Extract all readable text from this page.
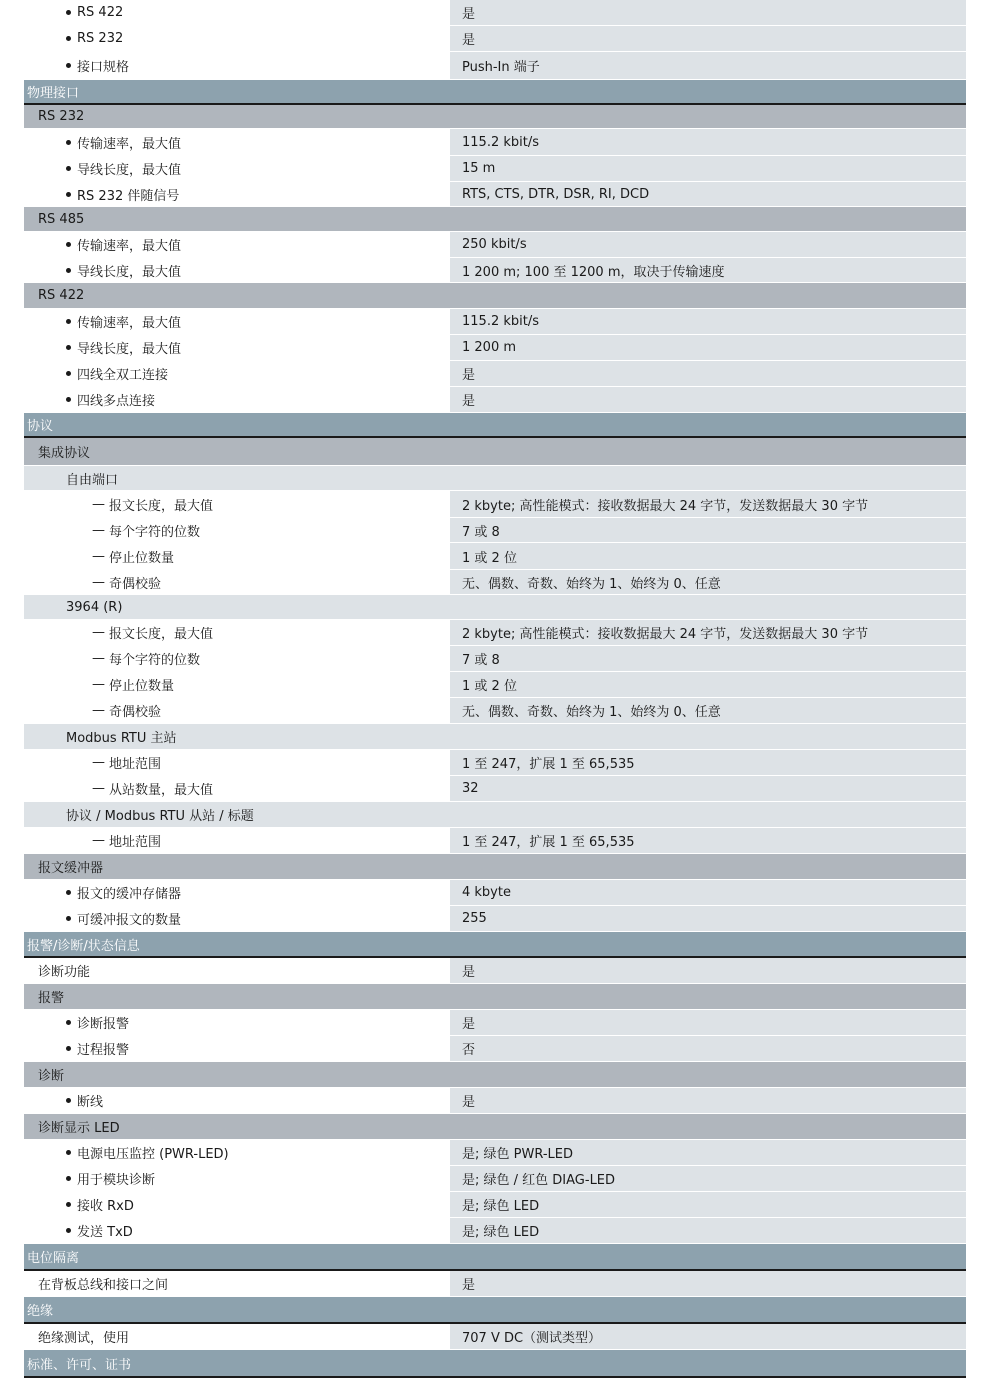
RS 422	是
RS 232	是
接口规格	Push-In 端子
物理接口
RS 232
传输速率，最大值	115.2 kbit/s
导线长度，最大值	15 m
RS 232 伴随信号	RTS, CTS, DTR, DSR, RI, DCD
RS 485
传输速率，最大值	250 kbit/s
导线长度，最大值	1 200 m; 100 至 1200 m，取决于传输速度
RS 422
传输速率，最大值	115.2 kbit/s
导线长度，最大值	1 200 m
四线全双工连接	是
四线多点连接	是
协议
集成协议
自由端口
— 报文长度，最大值	2 kbyte; 高性能模式：接收数据最大 24 字节，发送数据最大 30 字节
— 每个字符的位数	7 或 8
— 停止位数量	1 或 2 位
— 奇偶校验	无、偶数、奇数、始终为 1、始终为 0、任意
3964 (R)
— 报文长度，最大值	2 kbyte; 高性能模式：接收数据最大 24 字节，发送数据最大 30 字节
— 每个字符的位数	7 或 8
— 停止位数量	1 或 2 位
— 奇偶校验	无、偶数、奇数、始终为 1、始终为 0、任意
Modbus RTU 主站
— 地址范围	1 至 247，扩展 1 至 65,535
— 从站数量，最大值	32
协议 / Modbus RTU 从站 / 标题
— 地址范围	1 至 247，扩展 1 至 65,535
报文缓冲器
报文的缓冲存储器	4 kbyte
可缓冲报文的数量	255
报警/诊断/状态信息
诊断功能	是
报警
诊断报警	是
过程报警	否
诊断
断线	是
诊断显示 LED
电源电压监控 (PWR-LED)	是; 绿色 PWR-LED
用于模块诊断	是; 绿色 / 红色 DIAG-LED
接收 RxD	是; 绿色 LED
发送 TxD	是; 绿色 LED
电位隔离
在背板总线和接口之间	是
绝缘
绝缘测试，使用	707 V DC（测试类型）
标准、许可、证书
